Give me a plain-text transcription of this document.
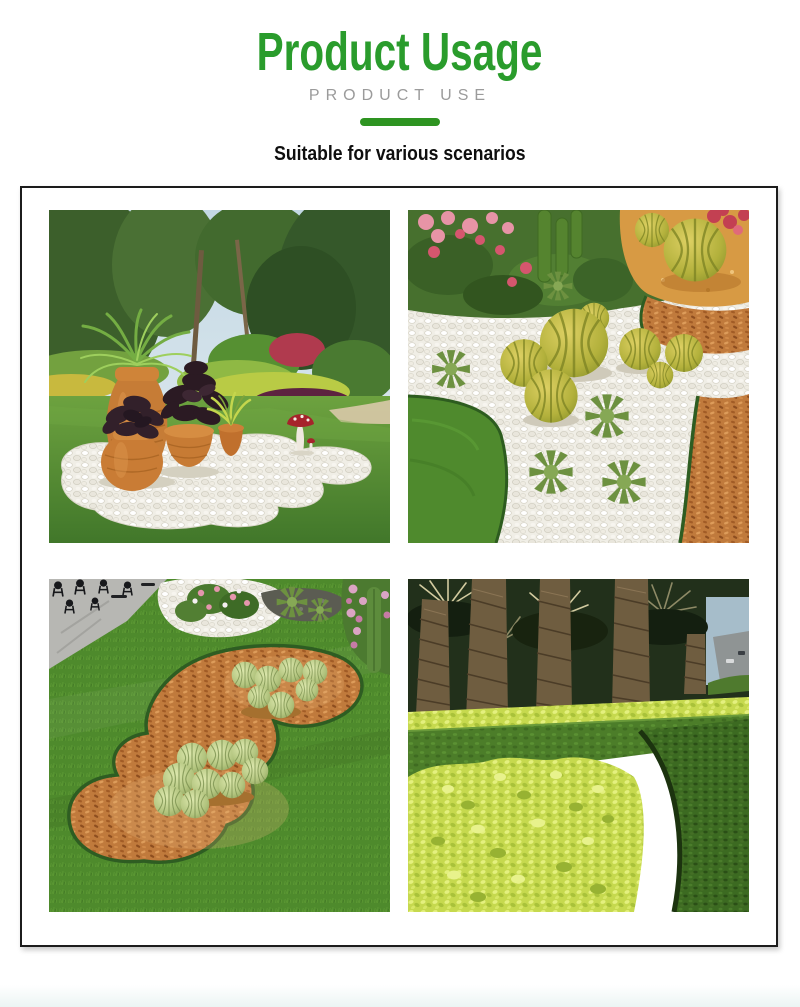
Product Usage
PRODUCT USE
Suitable for various scenarios
